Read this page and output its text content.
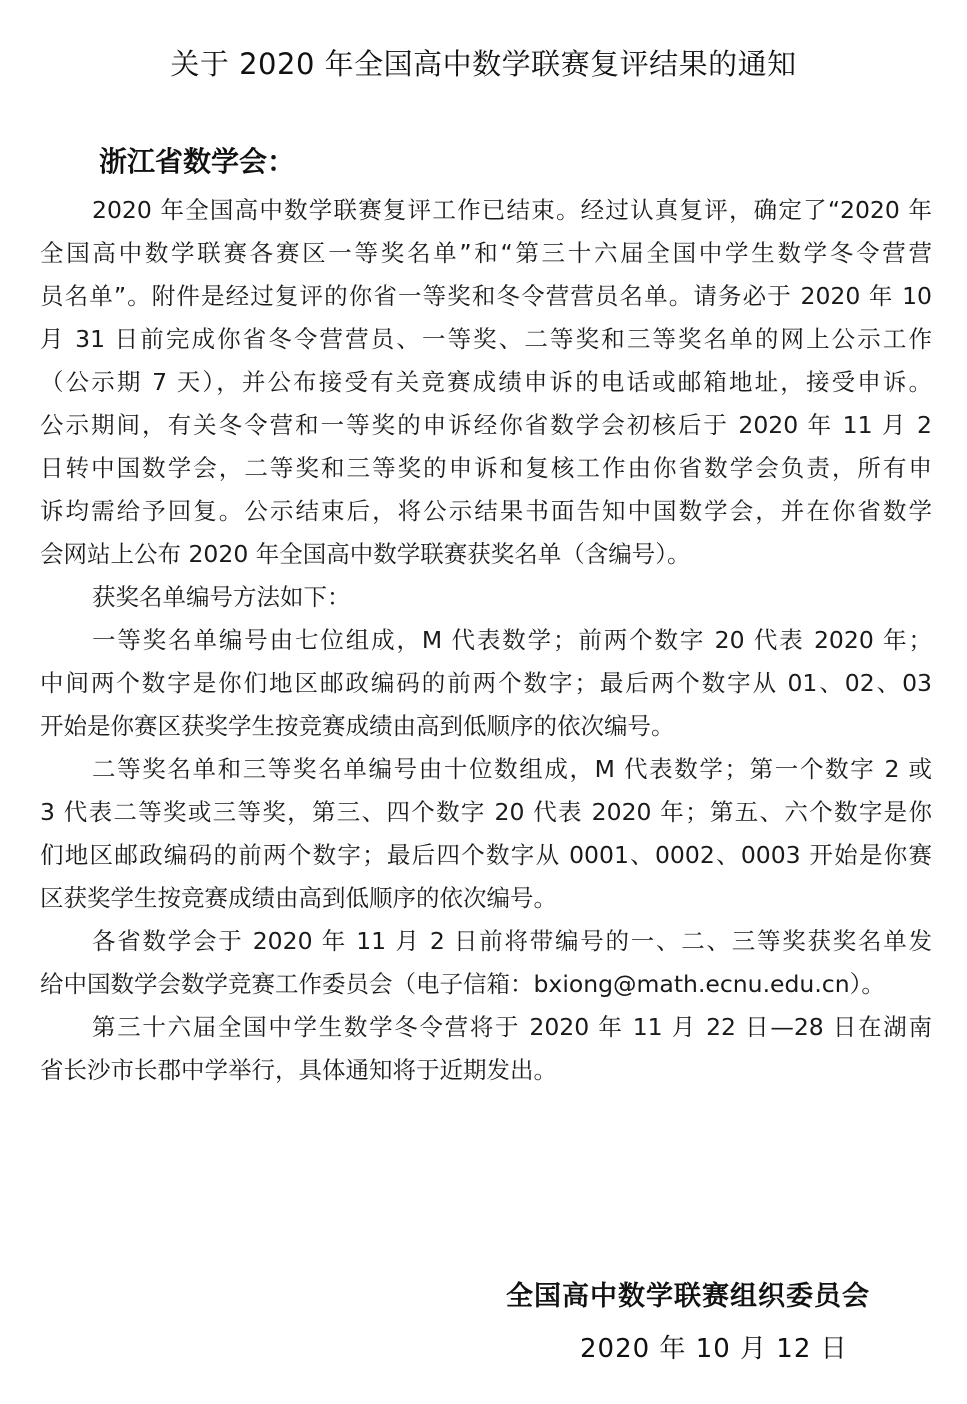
关于 2020 年全国高中数学联赛复评结果的通知
浙江省数学会：
2020 年全国高中数学联赛复评工作已结束。经过认真复评，确定了“2020 年
全国高中数学联赛各赛区一等奖名单”和“第三十六届全国中学生数学冬令营营
员名单”。附件是经过复评的你省一等奖和冬令营营员名单。请务必于 2020 年 10
月 31 日前完成你省冬令营营员、一等奖、二等奖和三等奖名单的网上公示工作
（公示期 7 天），并公布接受有关竞赛成绩申诉的电话或邮箱地址，接受申诉。
公示期间，有关冬令营和一等奖的申诉经你省数学会初核后于 2020 年 11 月 2
日转中国数学会，二等奖和三等奖的申诉和复核工作由你省数学会负责，所有申
诉均需给予回复。公示结束后，将公示结果书面告知中国数学会，并在你省数学
会网站上公布 2020 年全国高中数学联赛获奖名单（含编号）。
获奖名单编号方法如下：
一等奖名单编号由七位组成，M 代表数学；前两个数字 20 代表 2020 年；
中间两个数字是你们地区邮政编码的前两个数字；最后两个数字从 01、02、03
开始是你赛区获奖学生按竞赛成绩由高到低顺序的依次编号。
二等奖名单和三等奖名单编号由十位数组成，M 代表数学；第一个数字 2 或
3 代表二等奖或三等奖，第三、四个数字 20 代表 2020 年；第五、六个数字是你
们地区邮政编码的前两个数字；最后四个数字从 0001、0002、0003 开始是你赛
区获奖学生按竞赛成绩由高到低顺序的依次编号。
各省数学会于 2020 年 11 月 2 日前将带编号的一、二、三等奖获奖名单发
给中国数学会数学竞赛工作委员会（电子信箱：bxiong@math.ecnu.edu.cn）。
第三十六届全国中学生数学冬令营将于 2020 年 11 月 22 日—28 日在湖南
省长沙市长郡中学举行，具体通知将于近期发出。
全国高中数学联赛组织委员会
2020 年 10 月 12 日
